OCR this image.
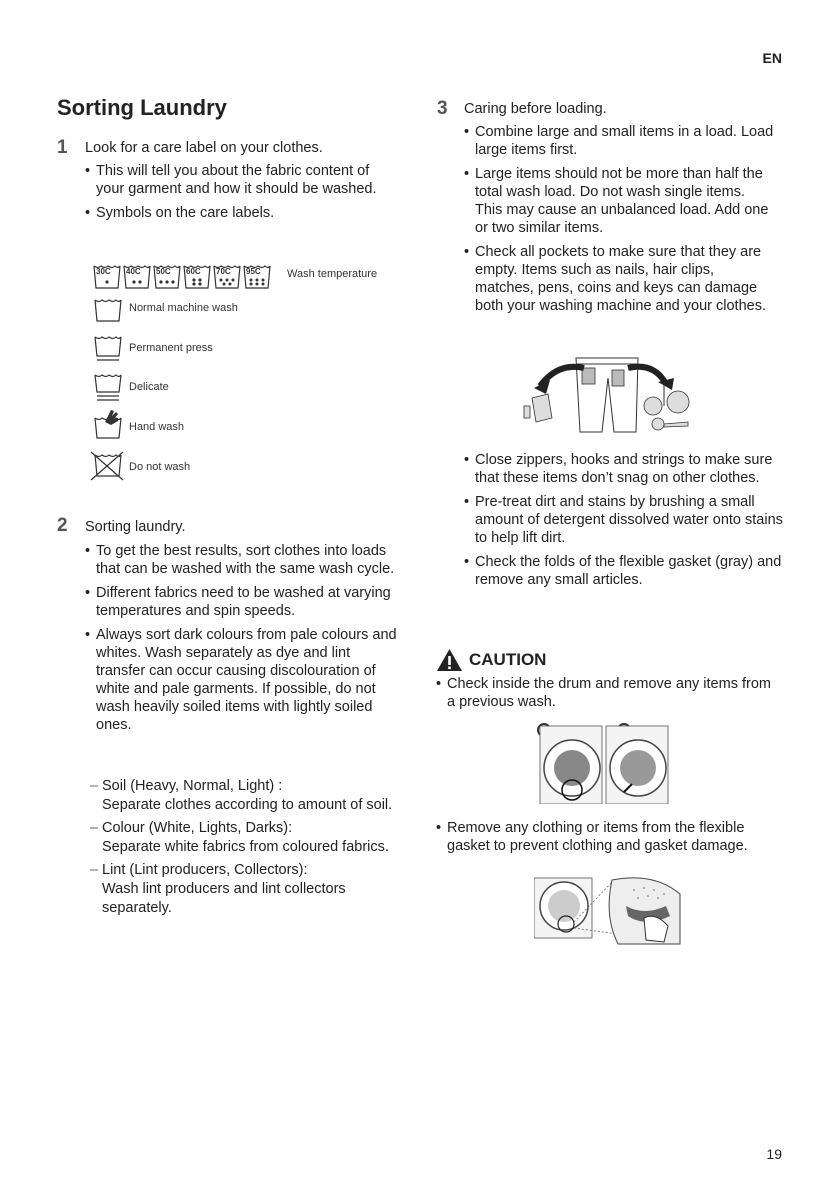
EN
Sorting Laundry
1 Look for a care label on your clothes.
• This will tell you about the fabric content of your garment and how it should be washed.
• Symbols on the care labels.
30C 40C 50C 60C 70C 95C Wash temperature
Normal machine wash
Permanent press
Delicate
Hand wash
Do not wash
2 Sorting laundry.
• To get the best results, sort clothes into loads that can be washed with the same wash cycle.
• Different fabrics need to be washed at varying temperatures and spin speeds.
• Always sort dark colours from pale colours and whites. Wash separately as dye and lint transfer can occur causing discolouration of white and pale garments. If possible, do not wash heavily soiled items with lightly soiled ones.
– Soil (Heavy, Normal, Light) :
Separate clothes according to amount of soil.
– Colour (White, Lights, Darks):
Separate white fabrics from coloured fabrics.
– Lint (Lint producers, Collectors):
Wash lint producers and lint collectors separately.
3 Caring before loading.
• Combine large and small items in a load. Load large items first.
• Large items should not be more than half the total wash load. Do not wash single items. This may cause an unbalanced load. Add one or two similar items.
• Check all pockets to make sure that they are empty. Items such as nails, hair clips, matches, pens, coins and keys can damage both your washing machine and your clothes.
• Close zippers, hooks and strings to make sure that these items don’t snag on other clothes.
• Pre-treat dirt and stains by brushing a small amount of detergent dissolved water onto stains to help lift dirt.
• Check the folds of the flexible gasket (gray) and remove any small articles.
CAUTION
• Check inside the drum and remove any items from a previous wash.
• Remove any clothing or items from the flexible gasket to prevent clothing and gasket damage.
19
